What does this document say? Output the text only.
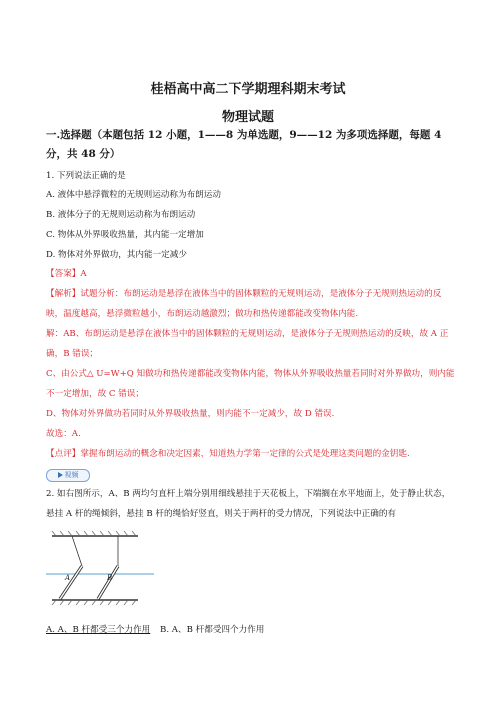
桂梧高中高二下学期理科期末考试
物理试题
一.选择题（本题包括 12 小题，1——8 为单选题，9——12 为多项选择题，每题 4 分，共 48 分）
1. 下列说法正确的是
A. 液体中悬浮微粒的无规则运动称为布朗运动
B. 液体分子的无规则运动称为布朗运动
C. 物体从外界吸收热量，其内能一定增加
D. 物体对外界做功，其内能一定减少
【答案】A
【解析】试题分析：布朗运动是悬浮在液体当中的固体颗粒的无规则运动，是液体分子无规则热运动的反映，温度越高，悬浮微粒越小，布朗运动越激烈；做功和热传递都能改变物体内能.
解：AB、布朗运动是悬浮在液体当中的固体颗粒的无规则运动，是液体分子无规则热运动的反映，故 A 正确，B 错误；
C、由公式△ U=W+Q 知做功和热传递都能改变物体内能，物体从外界吸收热量若同时对外界做功，则内能不一定增加，故 C 错误；
D、物体对外界做功若同时从外界吸收热量，则内能不一定减少，故 D 错误.
故选：A.
【点评】掌握布朗运动的概念和决定因素，知道热力学第一定律的公式是处理这类问题的金钥匙.
视频
2. 如右图所示，A、B 两均匀直杆上端分别用细线悬挂于天花板上，下端搁在水平地面上，处于静止状态，
悬挂 A 杆的绳倾斜，悬挂 B 杆的绳恰好竖直，则关于两杆的受力情况，下列说法中正确的有
A	B
A. A、B 杆都受三个力作用 B. A、B 杆都受四个力作用
